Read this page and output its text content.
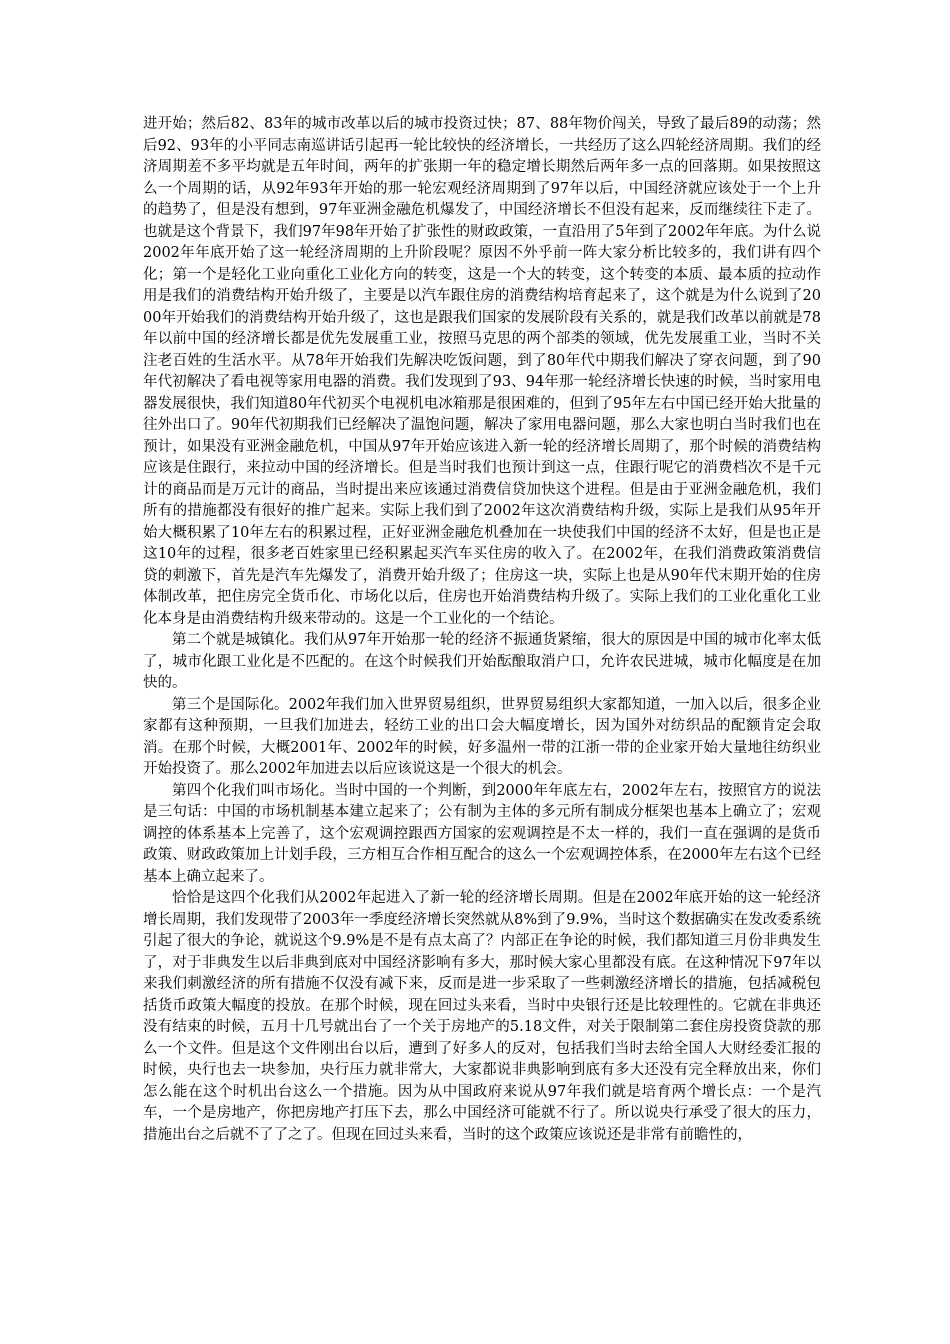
进开始；然后82、83年的城市改革以后的城市投资过快；87、88年物价闯关，导致了最后89的动荡；然后92、93年的小平同志南巡讲话引起再一轮比较快的经济增长，一共经历了这么四轮经济周期。我们的经济周期差不多平均就是五年时间，两年的扩张期一年的稳定增长期然后两年多一点的回落期。如果按照这么一个周期的话，从92年93年开始的那一轮宏观经济周期到了97年以后，中国经济就应该处于一个上升的趋势了，但是没有想到，97年亚洲金融危机爆发了，中国经济增长不但没有起来，反而继续往下走了。也就是这个背景下，我们97年98年开始了扩张性的财政政策，一直沿用了5年到了2002年年底。为什么说2002年年底开始了这一轮经济周期的上升阶段呢？原因不外乎前一阵大家分析比较多的，我们讲有四个化；第一个是轻化工业向重化工业化方向的转变，这是一个大的转变，这个转变的本质、最本质的拉动作用是我们的消费结构开始升级了，主要是以汽车跟住房的消费结构培育起来了，这个就是为什么说到了2000年开始我们的消费结构开始升级了，这也是跟我们国家的发展阶段有关系的，就是我们改革以前就是78年以前中国的经济增长都是优先发展重工业，按照马克思的两个部类的领域，优先发展重工业，当时不关注老百姓的生活水平。从78年开始我们先解决吃饭问题，到了80年代中期我们解决了穿衣问题，到了90年代初解决了看电视等家用电器的消费。我们发现到了93、94年那一轮经济增长快速的时候，当时家用电器发展很快，我们知道80年代初买个电视机电冰箱那是很困难的，但到了95年左右中国已经开始大批量的往外出口了。90年代初期我们已经解决了温饱问题，解决了家用电器问题，那么大家也明白当时我们也在预计，如果没有亚洲金融危机，中国从97年开始应该进入新一轮的经济增长周期了，那个时候的消费结构应该是住跟行，来拉动中国的经济增长。但是当时我们也预计到这一点，住跟行呢它的消费档次不是千元计的商品而是万元计的商品，当时提出来应该通过消费信贷加快这个进程。但是由于亚洲金融危机，我们所有的措施都没有很好的推广起来。实际上我们到了2002年这次消费结构升级，实际上是我们从95年开始大概积累了10年左右的积累过程，正好亚洲金融危机叠加在一块使我们中国的经济不太好，但是也正是这10年的过程，很多老百姓家里已经积累起买汽车买住房的收入了。在2002年，在我们消费政策消费信贷的刺激下，首先是汽车先爆发了，消费开始升级了；住房这一块，实际上也是从90年代末期开始的住房体制改革，把住房完全货币化、市场化以后，住房也开始消费结构升级了。实际上我们的工业化重化工业化本身是由消费结构升级来带动的。这是一个工业化的一个结论。

第二个就是城镇化。我们从97年开始那一轮的经济不振通货紧缩，很大的原因是中国的城市化率太低了，城市化跟工业化是不匹配的。在这个时候我们开始酝酿取消户口，允许农民进城，城市化幅度是在加快的。

第三个是国际化。2002年我们加入世界贸易组织，世界贸易组织大家都知道，一加入以后，很多企业家都有这种预期，一旦我们加进去，轻纺工业的出口会大幅度增长，因为国外对纺织品的配额肯定会取消。在那个时候，大概2001年、2002年的时候，好多温州一带的江浙一带的企业家开始大量地往纺织业开始投资了。那么2002年加进去以后应该说这是一个很大的机会。

第四个化我们叫市场化。当时中国的一个判断，到2000年年底左右，2002年左右，按照官方的说法是三句话：中国的市场机制基本建立起来了；公有制为主体的多元所有制成分框架也基本上确立了；宏观调控的体系基本上完善了，这个宏观调控跟西方国家的宏观调控是不太一样的，我们一直在强调的是货币政策、财政政策加上计划手段，三方相互合作相互配合的这么一个宏观调控体系，在2000年左右这个已经基本上确立起来了。

恰恰是这四个化我们从2002年起进入了新一轮的经济增长周期。但是在2002年底开始的这一轮经济增长周期，我们发现带了2003年一季度经济增长突然就从8%到了9.9%，当时这个数据确实在发改委系统引起了很大的争论，就说这个9.9%是不是有点太高了？内部正在争论的时候，我们都知道三月份非典发生了，对于非典发生以后非典到底对中国经济影响有多大，那时候大家心里都没有底。在这种情况下97年以来我们刺激经济的所有措施不仅没有减下来，反而是进一步采取了一些刺激经济增长的措施，包括减税包括货币政策大幅度的投放。在那个时候，现在回过头来看，当时中央银行还是比较理性的。它就在非典还没有结束的时候，五月十几号就出台了一个关于房地产的5.18文件，对关于限制第二套住房投资贷款的那么一个文件。但是这个文件刚出台以后，遭到了好多人的反对，包括我们当时去给全国人大财经委汇报的时候，央行也去一块参加，央行压力就非常大，大家都说非典影响到底有多大还没有完全释放出来，你们怎么能在这个时机出台这么一个措施。因为从中国政府来说从97年我们就是培育两个增长点：一个是汽车，一个是房地产，你把房地产打压下去，那么中国经济可能就不行了。所以说央行承受了很大的压力，措施出台之后就不了了之了。但现在回过头来看，当时的这个政策应该说还是非常有前瞻性的，
